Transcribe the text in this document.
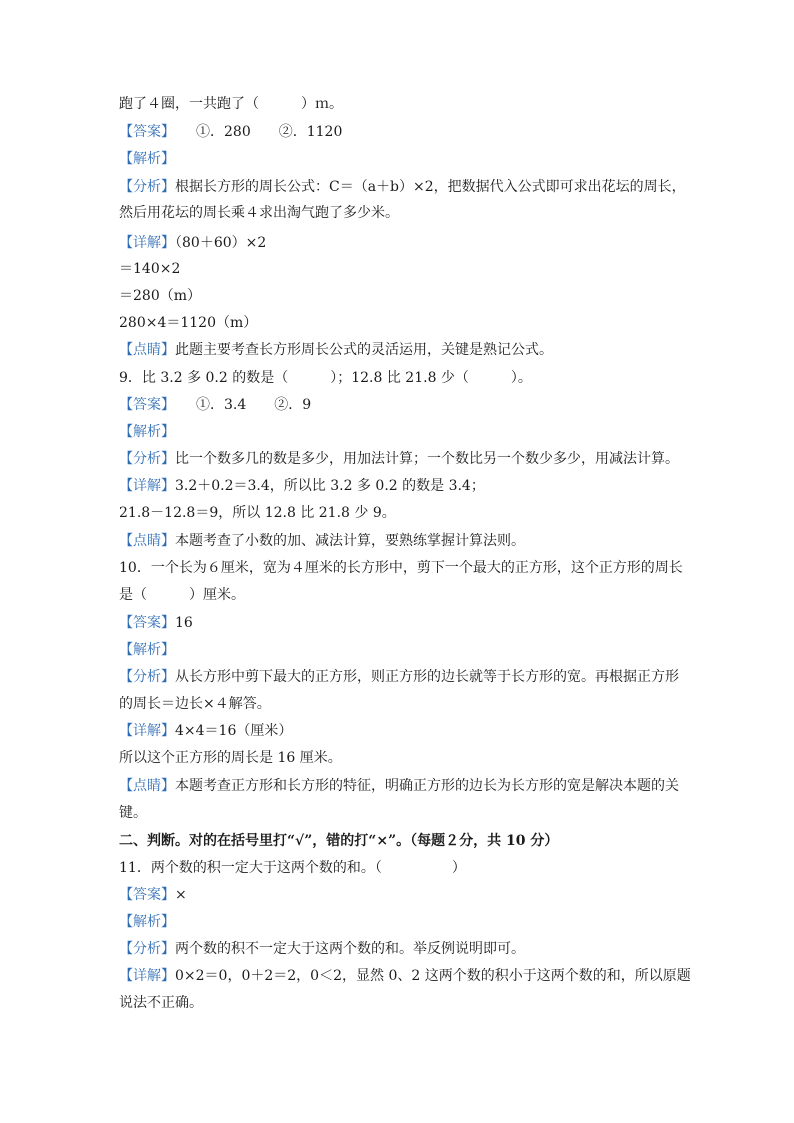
跑了４圈，一共跑了（　　　）ｍ。
【答案】　　①．280　　②．1120
【解析】
【分析】根据长方形的周长公式：C＝（a＋b）×2，把数据代入公式即可求出花坛的周长，
然后用花坛的周长乘４求出淘气跑了多少米。
【详解】（80＋60）×2
＝140×2
＝280（m）
280×4＝1120（m）
【点睛】此题主要考查长方形周长公式的灵活运用，关键是熟记公式。
9．比 3.2 多 0.2 的数是（　　　）；12.8 比 21.8 少（　　　）。
【答案】　　①．3.4　　②．9
【解析】
【分析】比一个数多几的数是多少，用加法计算；一个数比另一个数少多少，用减法计算。
【详解】3.2＋0.2＝3.4，所以比 3.2 多 0.2 的数是 3.4；
21.8－12.8＝9，所以 12.8 比 21.8 少 9。
【点睛】本题考查了小数的加、减法计算，要熟练掌握计算法则。
10．一个长为６厘米，宽为４厘米的长方形中，剪下一个最大的正方形，这个正方形的周长
是（　　　）厘米。
【答案】16
【解析】
【分析】从长方形中剪下最大的正方形，则正方形的边长就等于长方形的宽。再根据正方形
的周长＝边长×４解答。
【详解】4×4＝16（厘米）
所以这个正方形的周长是 16 厘米。
【点睛】本题考查正方形和长方形的特征，明确正方形的边长为长方形的宽是解决本题的关
键。
二、判断。对的在括号里打“√”，错的打“×”。（每题２分，共 10 分）
11．两个数的积一定大于这两个数的和。（　　　　　）
【答案】×
【解析】
【分析】两个数的积不一定大于这两个数的和。举反例说明即可。
【详解】0×2＝0，0＋2＝2，0＜2，显然 0、2 这两个数的积小于这两个数的和，所以原题
说法不正确。
